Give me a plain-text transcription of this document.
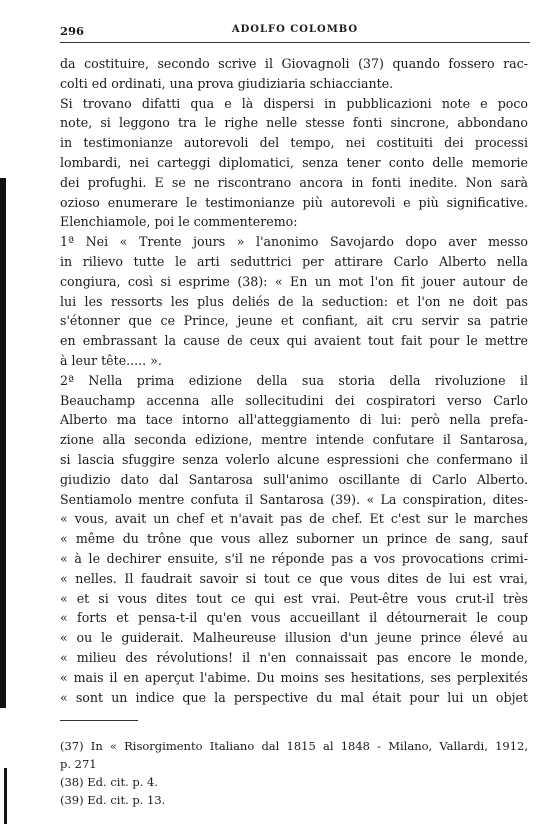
296	ADOLFO COLOMBO
da costituire, secondo scrive il Giovagnoli (37) quando fossero rac-
colti ed ordinati, una prova giudiziaria schiacciante.
Si trovano difatti qua e là dispersi in pubblicazioni note e poco
note, si leggono tra le righe nelle stesse fonti sincrone, abbondano
in testimonianze autorevoli del tempo, nei costituiti dei processi
lombardi, nei carteggi diplomatici, senza tener conto delle memorie
dei profughi. E se ne riscontrano ancora in fonti inedite. Non sarà
ozioso enumerare le testimonianze più autorevoli e più significative.
Elenchiamole, poi le commenteremo:
1ª Nei « Trente jours » l'anonimo Savojardo dopo aver messo
in rilievo tutte le arti seduttrici per attirare Carlo Alberto nella
congiura, così si esprime (38): « En un mot l'on fit jouer autour de
lui les ressorts les plus deliés de la seduction: et l'on ne doit pas
s'étonner que ce Prince, jeune et confiant, ait cru servir sa patrie
en embrassant la cause de ceux qui avaient tout fait pour le mettre
à leur tête..... ».
2ª Nella prima edizione della sua storia della rivoluzione il
Beauchamp accenna alle sollecitudini dei cospiratori verso Carlo
Alberto ma tace intorno all'atteggiamento di lui: però nella prefa-
zione alla seconda edizione, mentre intende confutare il Santarosa,
si lascia sfuggire senza volerlo alcune espressioni che confermano il
giudizio dato dal Santarosa sull'animo oscillante di Carlo Alberto.
Sentiamolo mentre confuta il Santarosa (39). « La conspiration, dites-
« vous, avait un chef et n'avait pas de chef. Et c'est sur le marches
« même du trône que vous allez suborner un prince de sang, sauf
« à le dechirer ensuite, s'il ne réponde pas a vos provocations crimi-
« nelles. Il faudrait savoir si tout ce que vous dites de lui est vrai,
« et si vous dites tout ce qui est vrai. Peut-être vous crut-il très
« forts et pensa-t-il qu'en vous accueillant il détournerait le coup
« ou le guiderait. Malheureuse illusion d'un jeune prince élevé au
« milieu des révolutions! il n'en connaissait pas encore le monde,
« mais il en aperçut l'abime. Du moins ses hesitations, ses perplexités
« sont un indice que la perspective du mal était pour lui un objet
(37) In « Risorgimento Italiano dal 1815 al 1848 - Milano, Vallardi, 1912,
p. 271
(38) Ed. cit. p. 4.
(39) Ed. cit. p. 13.
